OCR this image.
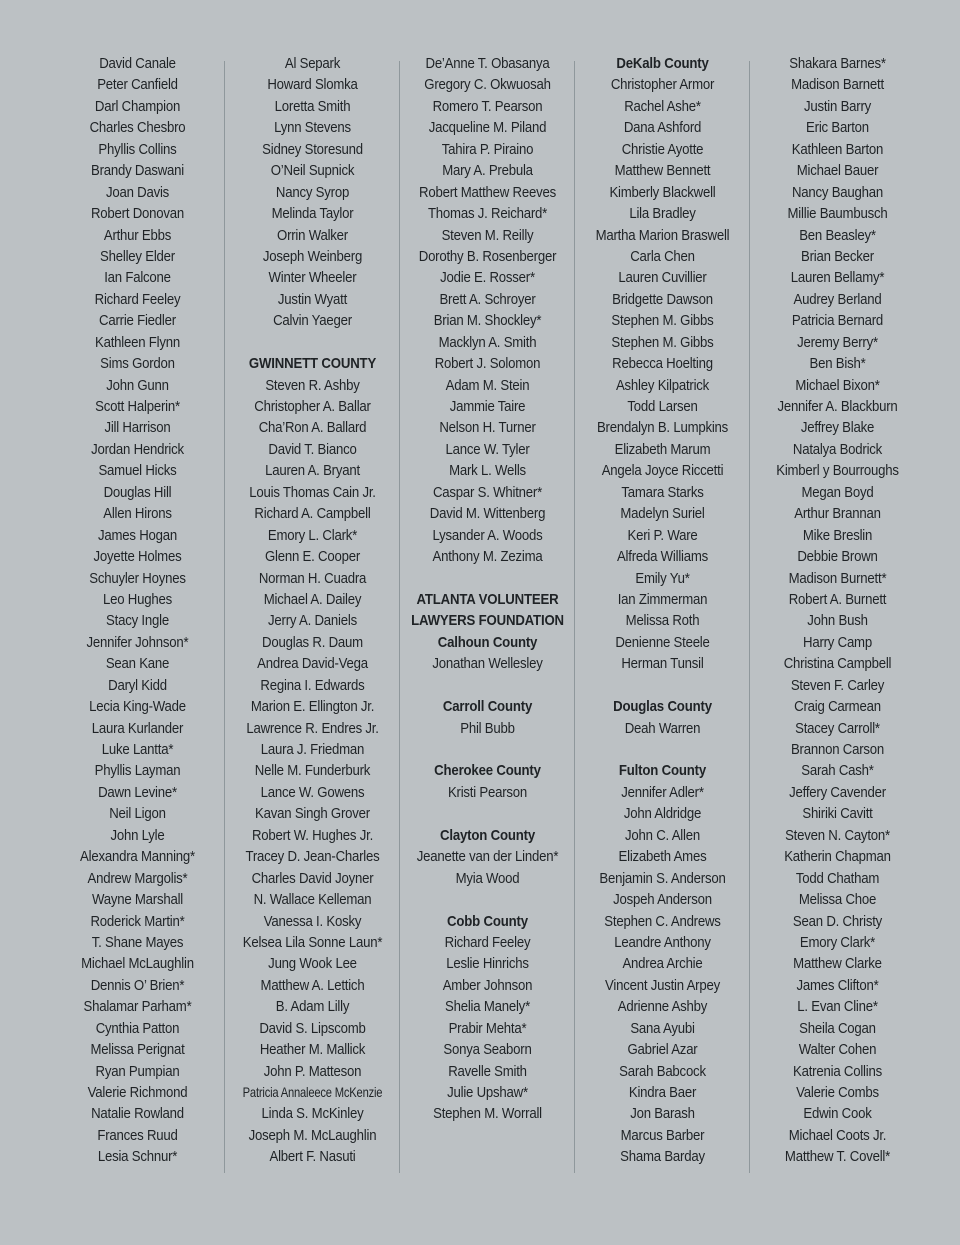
David Canale
Peter Canfield
Darl Champion
Charles Chesbro
Phyllis Collins
Brandy Daswani
Joan Davis
Robert Donovan
Arthur Ebbs
Shelley Elder
Ian Falcone
Richard Feeley
Carrie Fiedler
Kathleen Flynn
Sims Gordon
John Gunn
Scott Halperin*
Jill Harrison
Jordan Hendrick
Samuel Hicks
Douglas Hill
Allen Hirons
James Hogan
Joyette Holmes
Schuyler Hoynes
Leo Hughes
Stacy Ingle
Jennifer Johnson*
Sean Kane
Daryl Kidd
Lecia King-Wade
Laura Kurlander
Luke Lantta*
Phyllis Layman
Dawn Levine*
Neil Ligon
John Lyle
Alexandra Manning*
Andrew Margolis*
Wayne Marshall
Roderick Martin*
T. Shane Mayes
Michael McLaughlin
Dennis O’ Brien*
Shalamar Parham*
Cynthia Patton
Melissa Perignat
Ryan Pumpian
Valerie Richmond
Natalie Rowland
Frances Ruud
Lesia Schnur*
Al Separk
Howard Slomka
Loretta Smith
Lynn Stevens
Sidney Storesund
O’Neil Supnick
Nancy Syrop
Melinda Taylor
Orrin Walker
Joseph Weinberg
Winter Wheeler
Justin Wyatt
Calvin Yaeger
GWINNETT COUNTY
Steven R. Ashby
Christopher A. Ballar
Cha’Ron A. Ballard
David T. Bianco
Lauren A. Bryant
Louis Thomas Cain Jr.
Richard A. Campbell
Emory L. Clark*
Glenn E. Cooper
Norman H. Cuadra
Michael A. Dailey
Jerry A. Daniels
Douglas R. Daum
Andrea David-Vega
Regina I. Edwards
Marion E. Ellington Jr.
Lawrence R. Endres Jr.
Laura J. Friedman
Nelle M. Funderburk
Lance W. Gowens
Kavan Singh Grover
Robert W. Hughes Jr.
Tracey D. Jean-Charles
Charles David Joyner
N. Wallace Kelleman
Vanessa I. Kosky
Kelsea Lila Sonne Laun*
Jung Wook Lee
Matthew A. Lettich
B. Adam Lilly
David S. Lipscomb
Heather M. Mallick
John P. Matteson
Patricia Annaleece McKenzie
Linda S. McKinley
Joseph M. McLaughlin
Albert F. Nasuti
De’Anne T. Obasanya
Gregory C. Okwuosah
Romero T. Pearson
Jacqueline M. Piland
Tahira P. Piraino
Mary A. Prebula
Robert Matthew Reeves
Thomas J. Reichard*
Steven M. Reilly
Dorothy B. Rosenberger
Jodie E. Rosser*
Brett A. Schroyer
Brian M. Shockley*
Macklyn A. Smith
Robert J. Solomon
Adam M. Stein
Jammie Taire
Nelson H. Turner
Lance W. Tyler
Mark L. Wells
Caspar S. Whitner*
David M. Wittenberg
Lysander A. Woods
Anthony M. Zezima
ATLANTA VOLUNTEER
LAWYERS FOUNDATION
Calhoun County
Jonathan Wellesley
Carroll County
Phil Bubb
Cherokee County
Kristi Pearson
Clayton County
Jeanette van der Linden*
Myia Wood
Cobb County
Richard Feeley
Leslie Hinrichs
Amber Johnson
Shelia Manely*
Prabir Mehta*
Sonya Seaborn
Ravelle Smith
Julie Upshaw*
Stephen M. Worrall
DeKalb County
Christopher Armor
Rachel Ashe*
Dana Ashford
Christie Ayotte
Matthew Bennett
Kimberly Blackwell
Lila Bradley
Martha Marion Braswell
Carla Chen
Lauren Cuvillier
Bridgette Dawson
Stephen M. Gibbs
Stephen M. Gibbs
Rebecca Hoelting
Ashley Kilpatrick
Todd Larsen
Brendalyn B. Lumpkins
Elizabeth Marum
Angela Joyce Riccetti
Tamara Starks
Madelyn Suriel
Keri P. Ware
Alfreda Williams
Emily Yu*
Ian Zimmerman
Melissa Roth
Denienne Steele
Herman Tunsil
Douglas County
Deah Warren
Fulton County
Jennifer Adler*
John Aldridge
John C. Allen
Elizabeth Ames
Benjamin S. Anderson
Jospeh Anderson
Stephen C. Andrews
Leandre Anthony
Andrea Archie
Vincent Justin Arpey
Adrienne Ashby
Sana Ayubi
Gabriel Azar
Sarah Babcock
Kindra Baer
Jon Barash
Marcus Barber
Shama Barday
Shakara Barnes*
Madison Barnett
Justin Barry
Eric Barton
Kathleen Barton
Michael Bauer
Nancy Baughan
Millie Baumbusch
Ben Beasley*
Brian Becker
Lauren Bellamy*
Audrey Berland
Patricia Bernard
Jeremy Berry*
Ben Bish*
Michael Bixon*
Jennifer A. Blackburn
Jeffrey Blake
Natalya Bodrick
Kimberl y Bourroughs
Megan Boyd
Arthur Brannan
Mike Breslin
Debbie Brown
Madison Burnett*
Robert A. Burnett
John Bush
Harry Camp
Christina Campbell
Steven F. Carley
Craig Carmean
Stacey Carroll*
Brannon Carson
Sarah Cash*
Jeffery Cavender
Shiriki Cavitt
Steven N. Cayton*
Katherin Chapman
Todd Chatham
Melissa Choe
Sean D. Christy
Emory Clark*
Matthew Clarke
James Clifton*
L. Evan Cline*
Sheila Cogan
Walter Cohen
Katrenia Collins
Valerie Combs
Edwin Cook
Michael Coots Jr.
Matthew T. Covell*
